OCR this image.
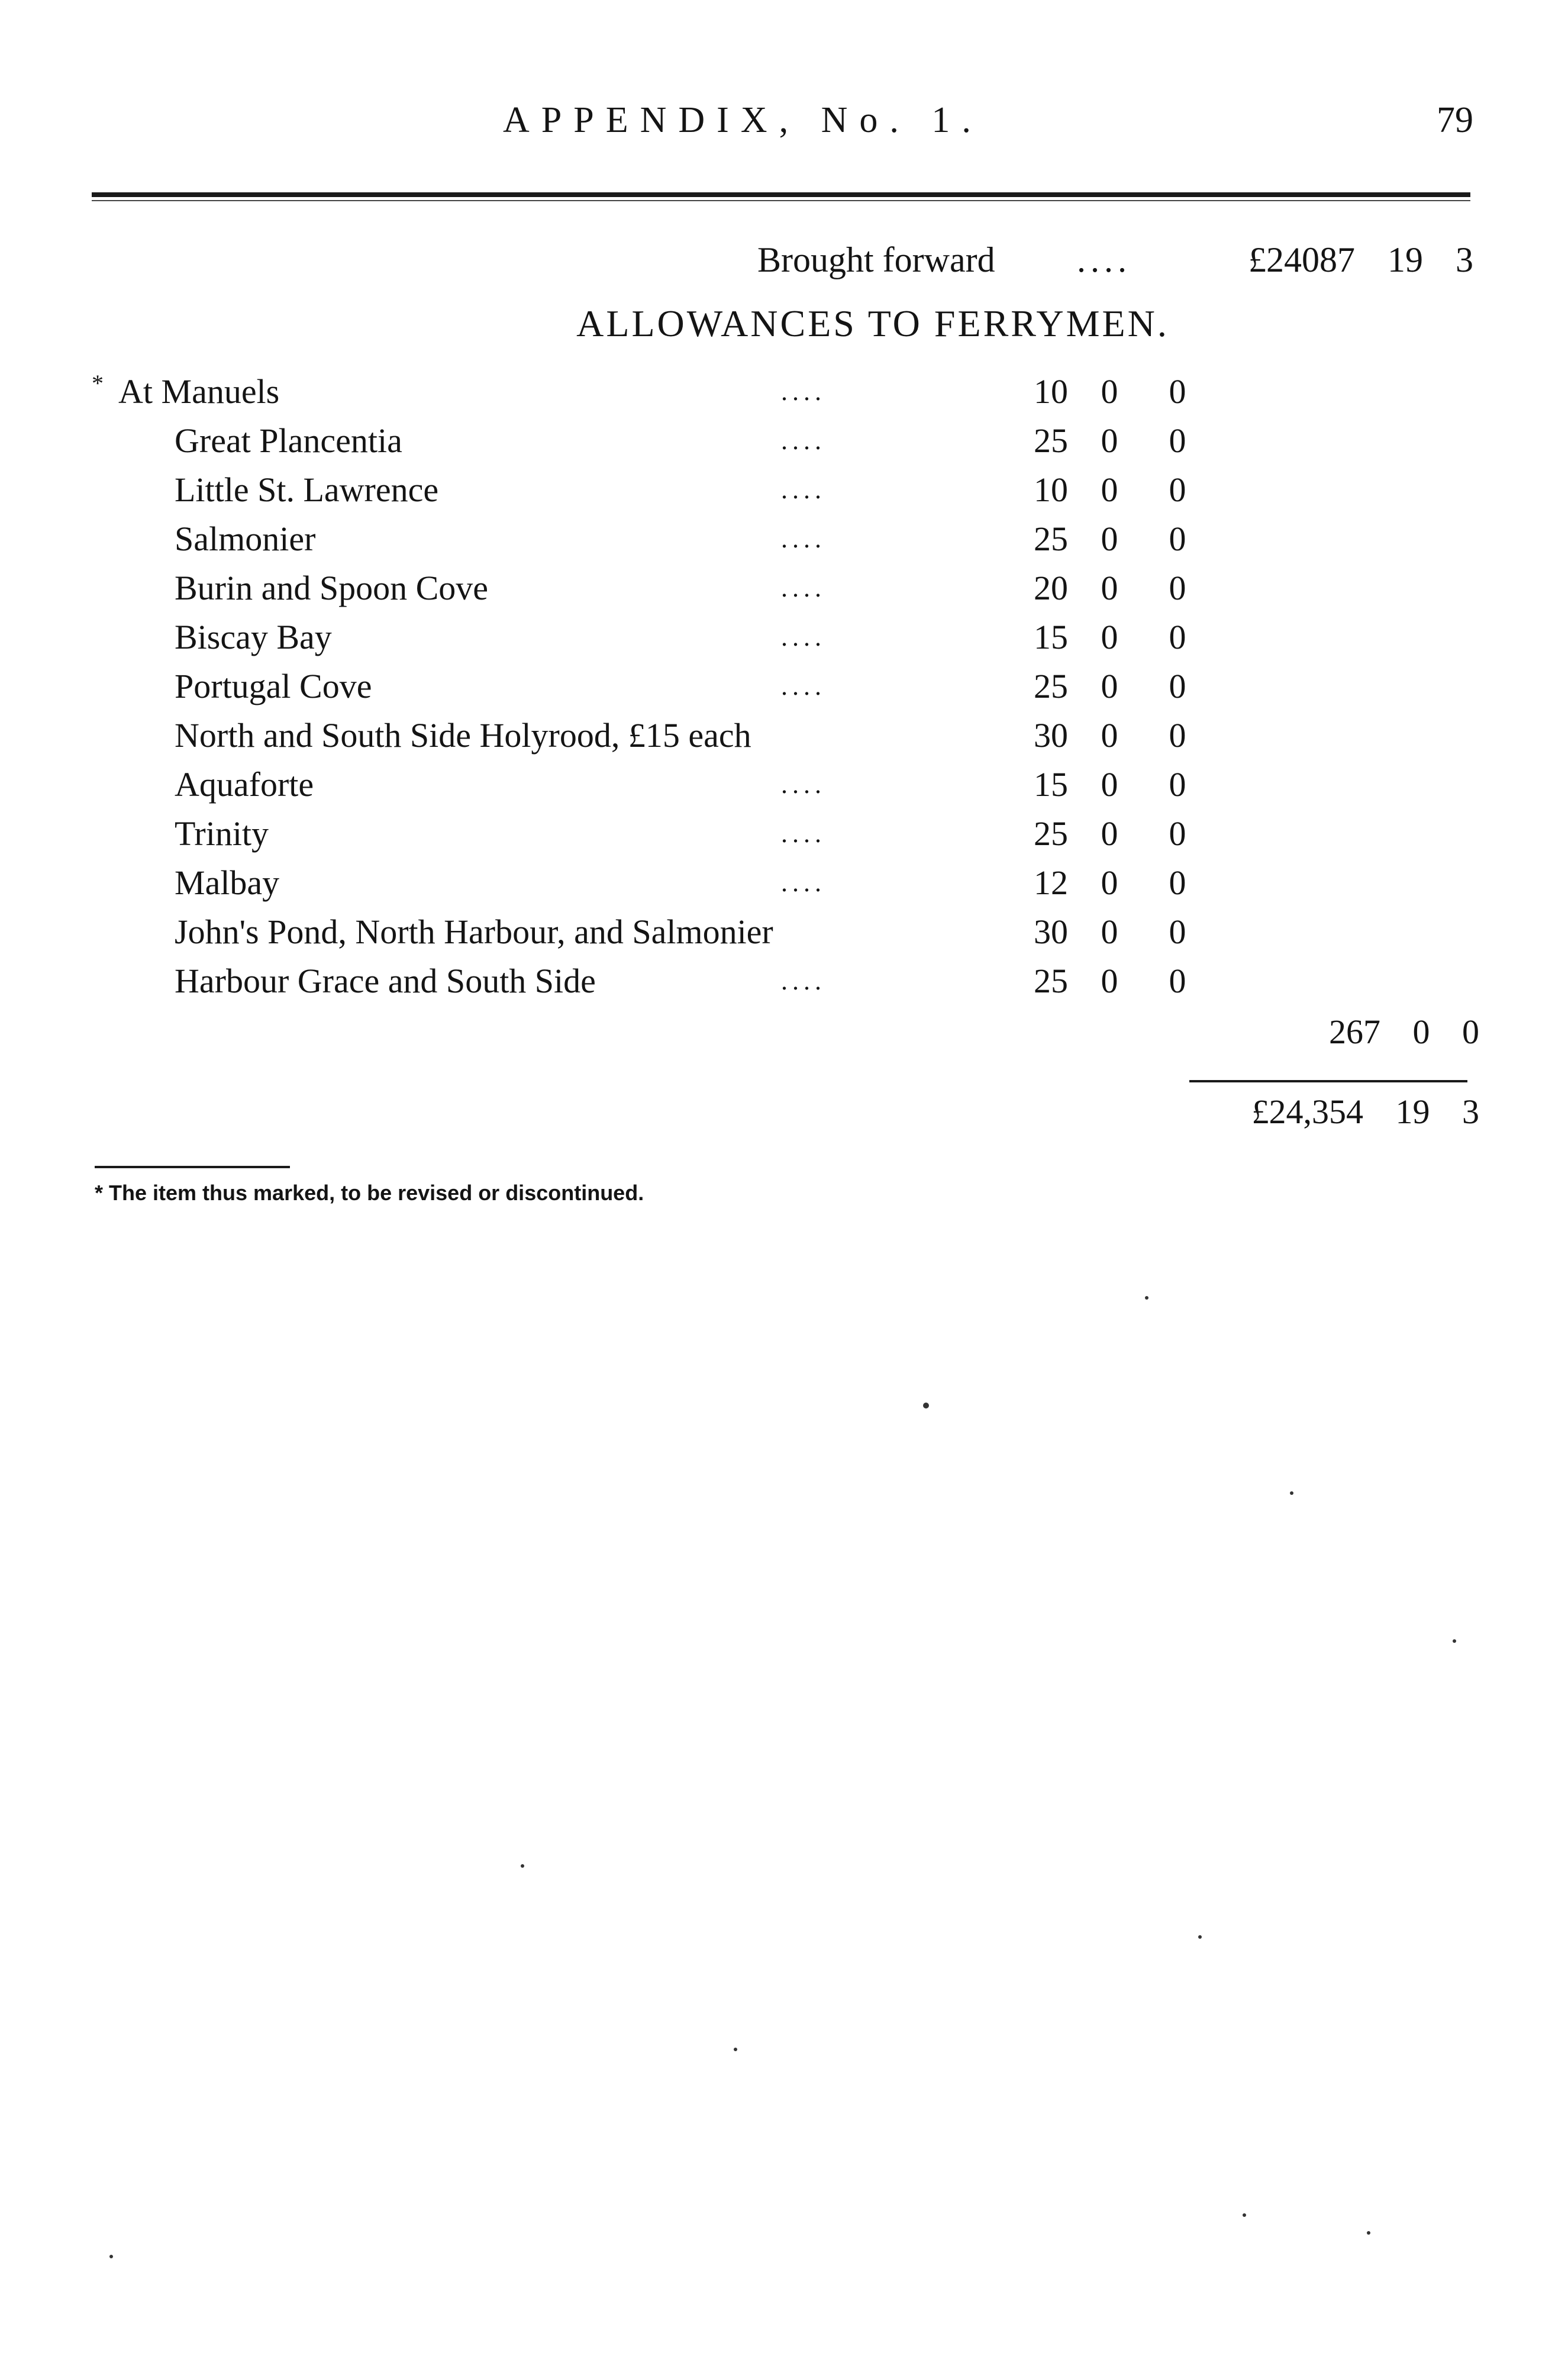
APPENDIX, No. 1.	79
Brought forward ....	£24087 19 3
ALLOWANCES TO FERRYMEN.
* At Manuels	....	10 0 0
Great Plancentia	....	25 0 0
Little St. Lawrence	....	10 0 0
Salmonier	....	25 0 0
Burin and Spoon Cove	....	20 0 0
Biscay Bay	....	15 0 0
Portugal Cove	....	25 0 0
North and South Side Holyrood, £15 each	30 0 0
Aquaforte	....	15 0 0
Trinity	....	25 0 0
Malbay	....	12 0 0
John's Pond, North Harbour, and Salmonier	30 0 0
Harbour Grace and South Side	....	25 0 0
267 0 0
£24,354 19 3
* The item thus marked, to be revised or discontinued.
